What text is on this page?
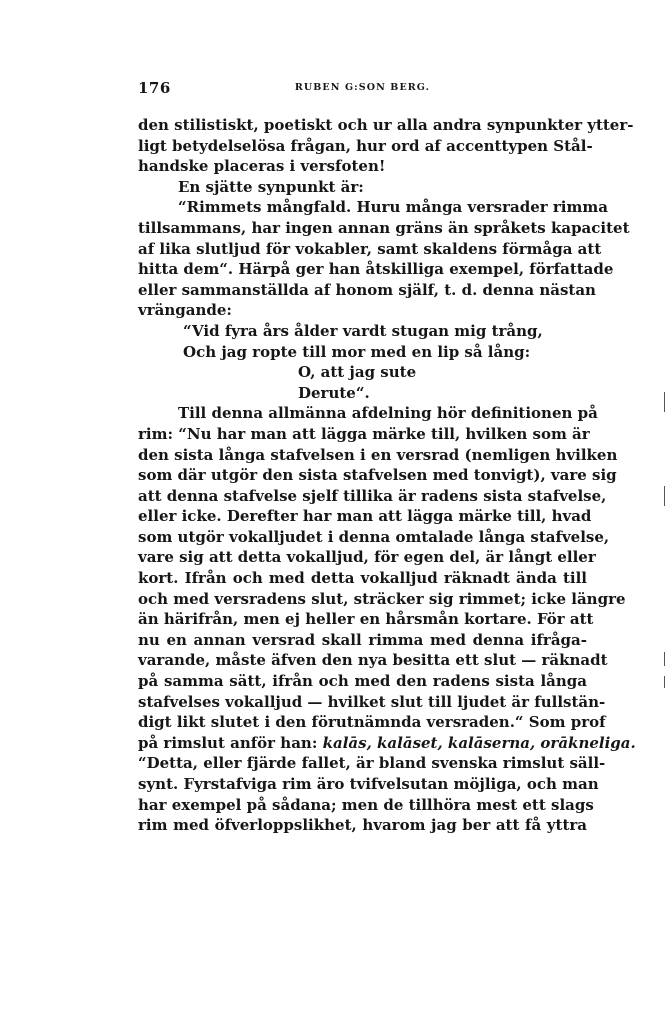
176	RUBEN G:SON BERG.
den stilistiskt, poetiskt och ur alla andra synpunkter ytter-
ligt betydelselösa frågan, hur ord af accenttypen Stål-
handske placeras i versfoten!
En sjätte synpunkt är:
“Rimmets mångfald. Huru många versrader rimma
tillsammans, har ingen annan gräns än språkets kapacitet
af lika slutljud för vokabler, samt skaldens förmåga att
hitta dem“. Härpå ger han åtskilliga exempel, författade
eller sammanställda af honom själf, t. d. denna nästan
vrängande:
“Vid fyra års ålder vardt stugan mig trång,
Och jag ropte till mor med en lip så lång:
O, att jag sute
Derute“.
Till denna allmänna afdelning hör definitionen på
rim: “Nu har man att lägga märke till, hvilken som är
den sista långa stafvelsen i en versrad (nemligen hvilken
som där utgör den sista stafvelsen med tonvigt), vare sig
att denna stafvelse sjelf tillika är radens sista stafvelse,
eller icke. Derefter har man att lägga märke till, hvad
som utgör vokalljudet i denna omtalade långa stafvelse,
vare sig att detta vokalljud, för egen del, är långt eller
kort. Ifrån och med detta vokalljud räknadt ända till
och med versradens slut, sträcker sig rimmet; icke längre
än härifrån, men ej heller en hårsmån kortare. För att
nu en annan versrad skall rimma med denna ifråga-
varande, måste äfven den nya besitta ett slut — räknadt
på samma sätt, ifrån och med den radens sista långa
stafvelses vokalljud — hvilket slut till ljudet är fullstän-
digt likt slutet i den förutnämnda versraden.“ Som prof
på rimslut anför han: kalās, kalāset, kalāserna, orākneliga.
“Detta, eller fjärde fallet, är bland svenska rimslut säll-
synt. Fyrstafviga rim äro tvifvelsutan möjliga, och man
har exempel på sådana; men de tillhöra mest ett slags
rim med öfverloppslikhet, hvarom jag ber att få yttra
